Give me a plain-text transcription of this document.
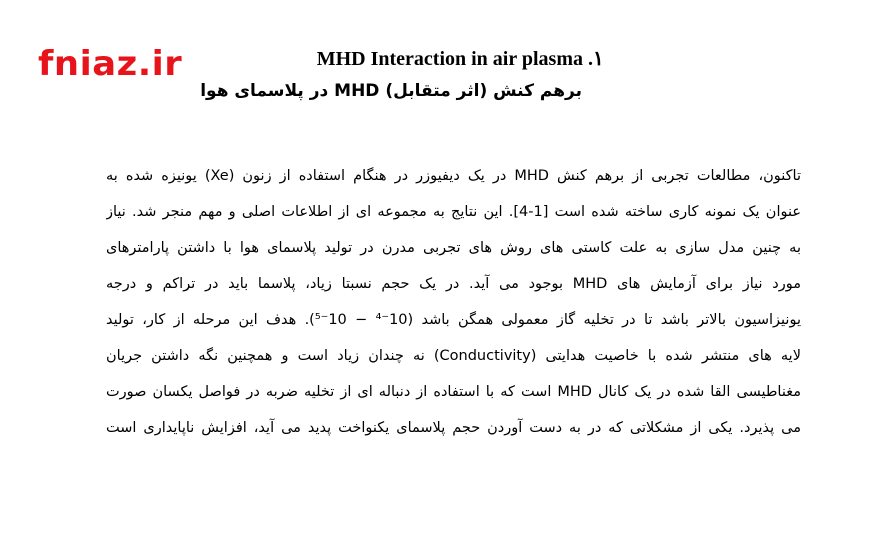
fniaz.ir	MHD Interaction in air plasma .۱
برهم کنش (اثر متقابل) MHD در پلاسمای هوا
تاکنون، مطالعات تجربی از برهم کنش MHD در یک دیفیوزر در هنگام استفاده از زنون (Xe) یونیزه شده به
عنوان یک نمونه کاری ساخته شده است [1-4]. این نتایج به مجموعه ای از اطلاعات اصلی و مهم منجر شد. نیاز
به چنین مدل سازی به علت کاستی های روش های تجربی مدرن در تولید پلاسمای هوا با داشتن پارامترهای
مورد نیاز برای آزمایش های MHD بوجود می آید. در یک حجم نسبتا زیاد، پلاسما باید در تراکم و درجه
یونیزاسیون بالاتر باشد تا در تخلیه گاز معمولی همگن باشد (10⁻⁴ − 10⁻⁵). هدف این مرحله از کار، تولید
لایه های منتشر شده با خاصیت هدایتی (Conductivity) نه چندان زیاد است و همچنین نگه داشتن جریان
مغناطیسی القا شده در یک کانال MHD است که با استفاده از دنباله ای از تخلیه ضربه در فواصل یکسان صورت
می پذیرد. یکی از مشکلاتی که در به دست آوردن حجم پلاسمای یکنواخت پدید می آید، افزایش ناپایداری است
